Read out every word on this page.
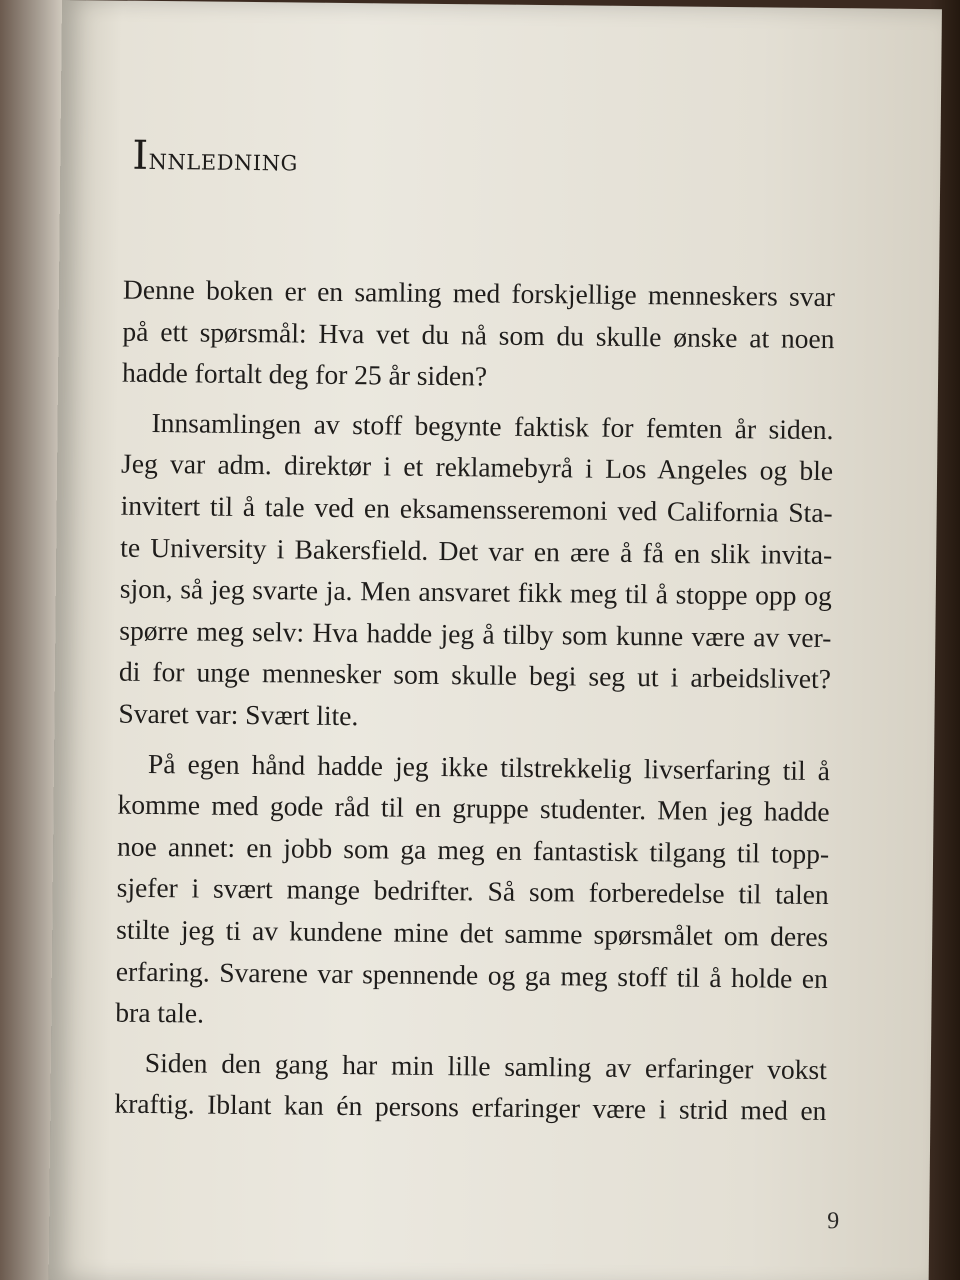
Innledning
Denne boken er en samling med forskjellige menneskers svar
på ett spørsmål: Hva vet du nå som du skulle ønske at noen
hadde fortalt deg for 25 år siden?
Innsamlingen av stoff begynte faktisk for femten år siden.
Jeg var adm. direktør i et reklamebyrå i Los Angeles og ble
invitert til å tale ved en eksamensseremoni ved California Sta-
te University i Bakersfield. Det var en ære å få en slik invita-
sjon, så jeg svarte ja. Men ansvaret fikk meg til å stoppe opp og
spørre meg selv: Hva hadde jeg å tilby som kunne være av ver-
di for unge mennesker som skulle begi seg ut i arbeidslivet?
Svaret var: Svært lite.
På egen hånd hadde jeg ikke tilstrekkelig livserfaring til å
komme med gode råd til en gruppe studenter. Men jeg hadde
noe annet: en jobb som ga meg en fantastisk tilgang til topp-
sjefer i svært mange bedrifter. Så som forberedelse til talen
stilte jeg ti av kundene mine det samme spørsmålet om deres
erfaring. Svarene var spennende og ga meg stoff til å holde en
bra tale.
Siden den gang har min lille samling av erfaringer vokst
kraftig. Iblant kan én persons erfaringer være i strid med en
9
